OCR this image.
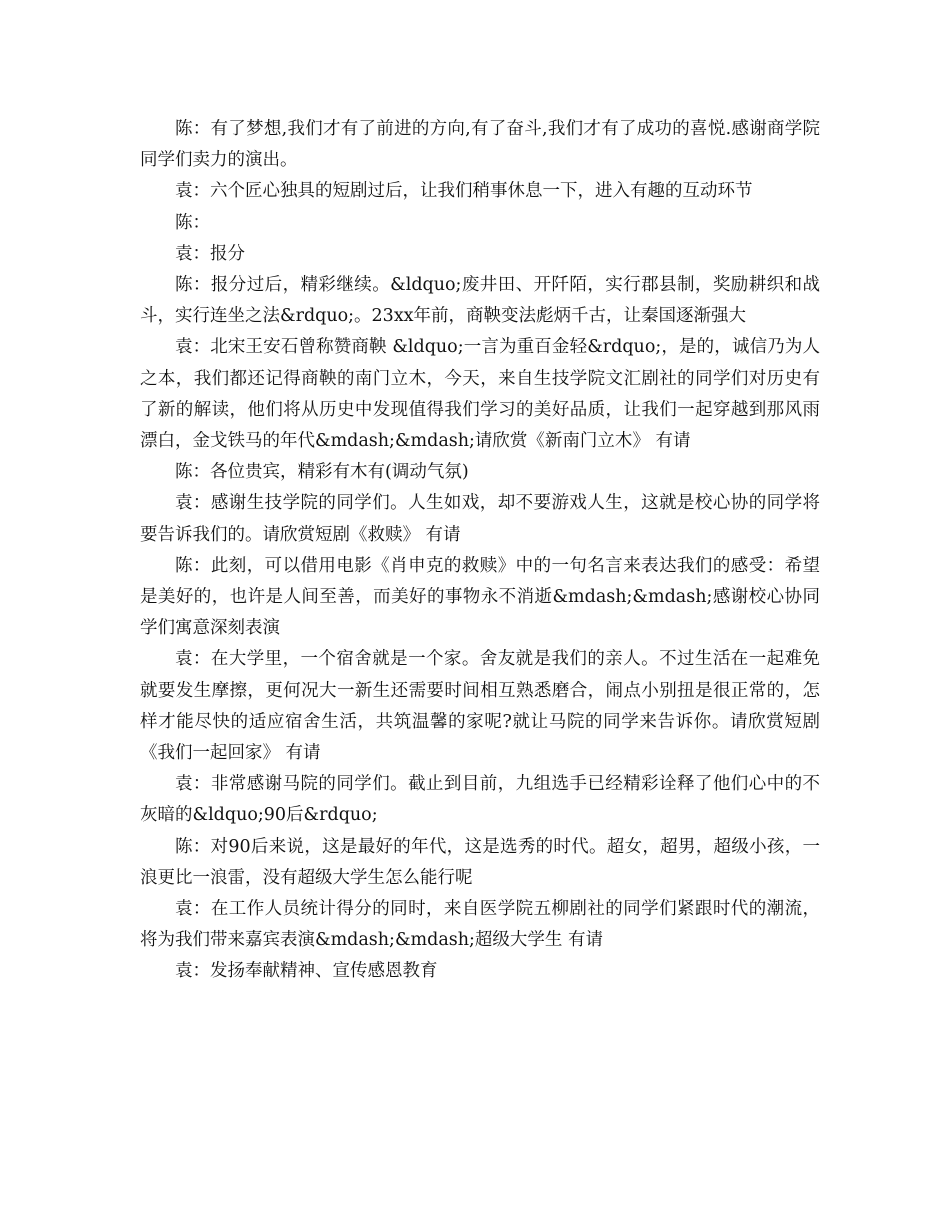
陈：有了梦想,我们才有了前进的方向,有了奋斗,我们才有了成功的喜悦.感谢商学院同学们卖力的演出。

袁：六个匠心独具的短剧过后，让我们稍事休息一下，进入有趣的互动环节

陈：

袁：报分

陈：报分过后，精彩继续。&ldquo;废井田、开阡陌，实行郡县制，奖励耕织和战斗，实行连坐之法&rdquo;。23xx年前，商鞅变法彪炳千古，让秦国逐渐强大

袁：北宋王安石曾称赞商鞅 &ldquo;一言为重百金轻&rdquo;，是的，诚信乃为人之本，我们都还记得商鞅的南门立木，今天，来自生技学院文汇剧社的同学们对历史有了新的解读，他们将从历史中发现值得我们学习的美好品质，让我们一起穿越到那风雨漂白，金戈铁马的年代&mdash;&mdash;请欣赏《新南门立木》 有请

陈：各位贵宾，精彩有木有(调动气氛)

袁：感谢生技学院的同学们。人生如戏，却不要游戏人生，这就是校心协的同学将要告诉我们的。请欣赏短剧《救赎》 有请

陈：此刻，可以借用电影《肖申克的救赎》中的一句名言来表达我们的感受：希望是美好的，也许是人间至善，而美好的事物永不消逝&mdash;&mdash;感谢校心协同学们寓意深刻表演

袁：在大学里，一个宿舍就是一个家。舍友就是我们的亲人。不过生活在一起难免就要发生摩擦，更何况大一新生还需要时间相互熟悉磨合，闹点小别扭是很正常的，怎样才能尽快的适应宿舍生活，共筑温馨的家呢?就让马院的同学来告诉你。请欣赏短剧《我们一起回家》 有请

袁：非常感谢马院的同学们。截止到目前，九组选手已经精彩诠释了他们心中的不灰暗的&ldquo;90后&rdquo;

陈：对90后来说，这是最好的年代，这是选秀的时代。超女，超男，超级小孩，一浪更比一浪雷，没有超级大学生怎么能行呢

袁：在工作人员统计得分的同时，来自医学院五柳剧社的同学们紧跟时代的潮流，将为我们带来嘉宾表演&mdash;&mdash;超级大学生 有请

袁：发扬奉献精神、宣传感恩教育
